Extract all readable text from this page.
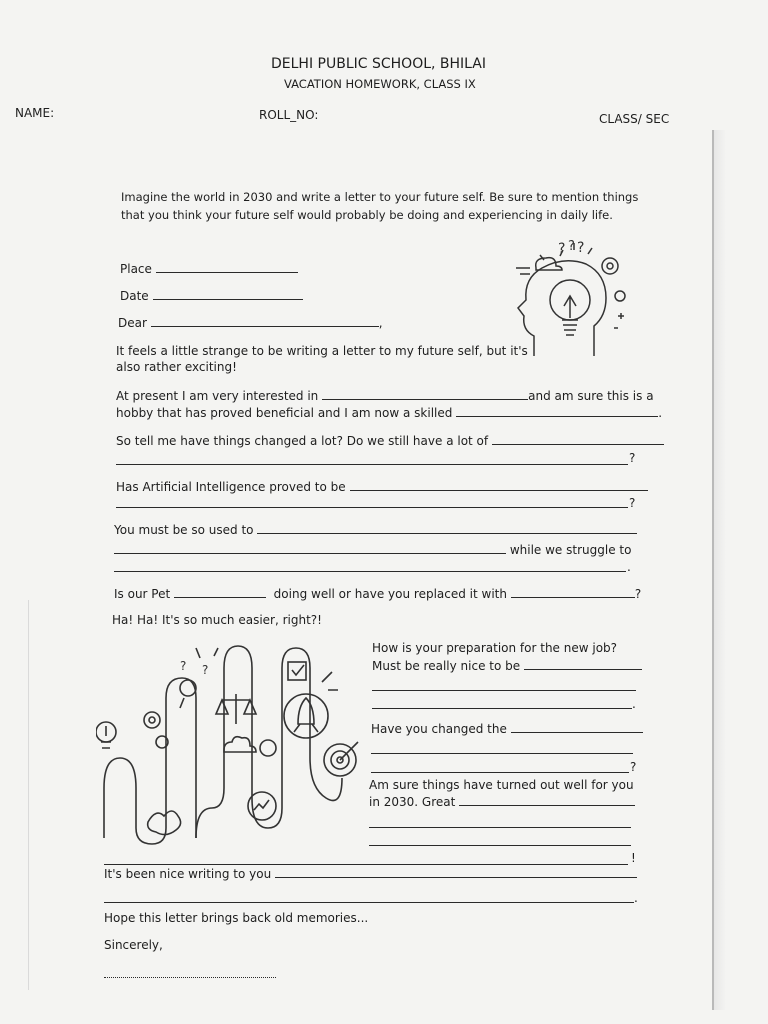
DELHI PUBLIC SCHOOL, BHILAI
VACATION HOMEWORK, CLASS IX
NAME:	ROLL_NO:	CLASS/ SEC
Imagine the world in 2030 and write a letter to your future self. Be sure to mention things
that you think your future self would probably be doing and experiencing in daily life.
Place
Date
Dear	,
? ? ?
It feels a little strange to be writing a letter to my future self, but it's
also rather exciting!
At present I am very interested in	and am sure this is a
hobby that has proved beneficial and I am now a skilled	.
So tell me have things changed a lot? Do we still have a lot of
?
Has Artificial Intelligence proved to be
?
You must be so used to
while we struggle to
.
Is our Pet	doing well or have you replaced it with	?
Ha! Ha! It's so much easier, right?!
? ?
How is your preparation for the new job?
Must be really nice to be
.
Have you changed the
?
Am sure things have turned out well for you
in 2030. Great
!
It's been nice writing to you
.
Hope this letter brings back old memories...
Sincerely,
